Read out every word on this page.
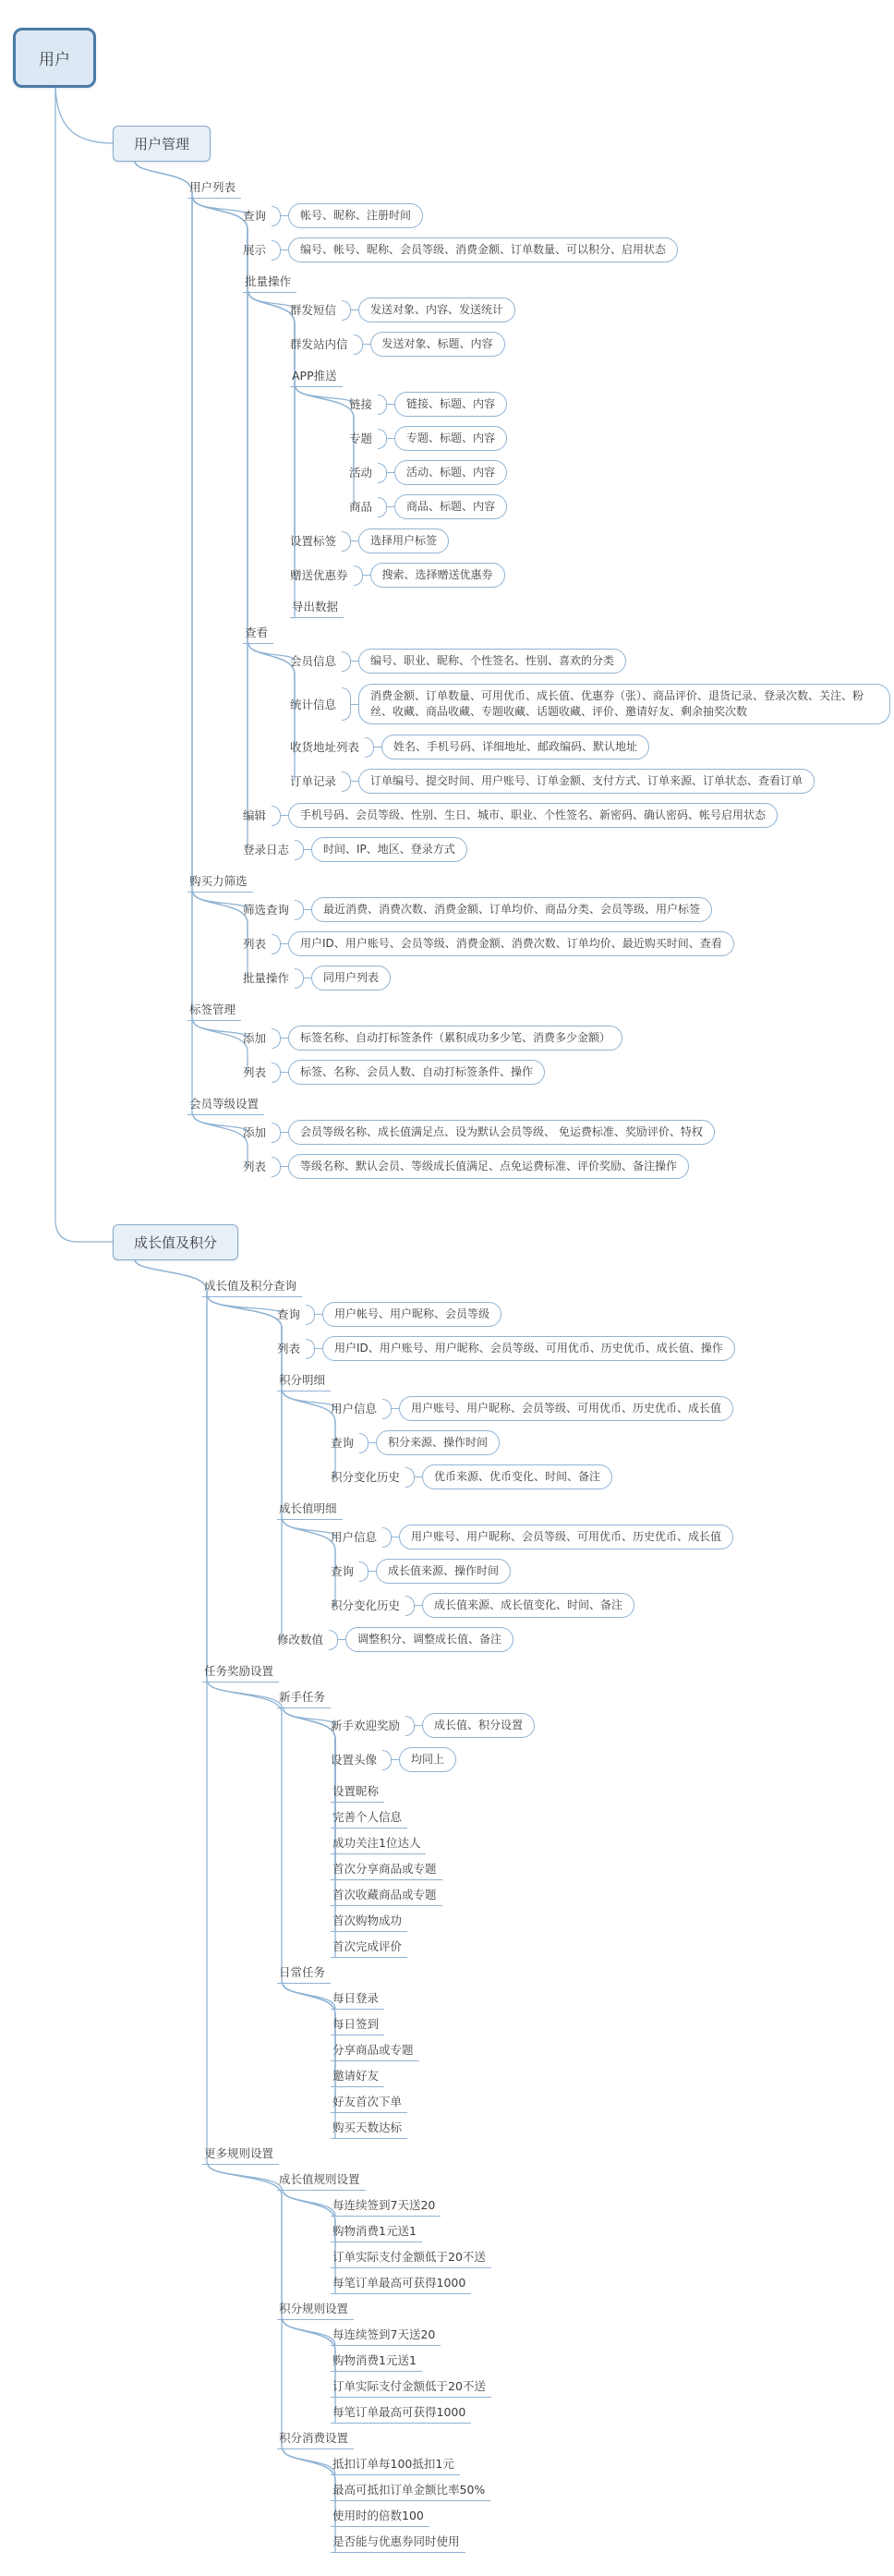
用户
用户管理
用户列表
查询	帐号、昵称、注册时间
展示	编号、帐号、昵称、会员等级、消费金额、订单数量、可以积分、启用状态
批量操作
群发短信	发送对象、内容、发送统计
群发站内信	发送对象、标题、内容
APP推送
链接	链接、标题、内容
专题	专题、标题、内容
活动	活动、标题、内容
商品	商品、标题、内容
设置标签	选择用户标签
赠送优惠券	搜索、选择赠送优惠券
导出数据
查看
会员信息	编号、职业、昵称、个性签名、性别、喜欢的分类
统计信息
消费金额、订单数量、可用优币、成长值、优惠券（张）、商品评价、退货记录、登录次数、关注、粉丝、收藏、商品收藏、专题收藏、话题收藏、评价、邀请好友、剩余抽奖次数
收货地址列表	姓名、手机号码、详细地址、邮政编码、默认地址
订单记录	订单编号、提交时间、用户账号、订单金额、支付方式、订单来源、订单状态、查看订单
编辑	手机号码、会员等级、性别、生日、城市、职业、个性签名、新密码、确认密码、帐号启用状态
登录日志	时间、IP、地区、登录方式
购买力筛选
筛选查询	最近消费、消费次数、消费金额、订单均价、商品分类、会员等级、用户标签
列表	用户ID、用户账号、会员等级、消费金额、消费次数、订单均价、最近购买时间、查看
批量操作	同用户列表
标签管理
添加	标签名称、自动打标签条件（累积成功多少笔、消费多少金额）
列表	标签、名称、会员人数、自动打标签条件、操作
会员等级设置
添加	会员等级名称、成长值满足点、设为默认会员等级、 免运费标准、奖励评价、特权
列表	等级名称、默认会员、等级成长值满足、点免运费标准、评价奖励、备注操作
成长值及积分
成长值及积分查询
查询	用户帐号、用户昵称、会员等级
列表	用户ID、用户账号、用户昵称、会员等级、可用优币、历史优币、成长值、操作
积分明细
用户信息	用户账号、用户昵称、会员等级、可用优币、历史优币、成长值
查询	积分来源、操作时间
积分变化历史	优币来源、优币变化、时间、备注
成长值明细
用户信息	用户账号、用户昵称、会员等级、可用优币、历史优币、成长值
查询	成长值来源、操作时间
积分变化历史	成长值来源、成长值变化、时间、备注
修改数值	调整积分、调整成长值、备注
任务奖励设置
新手任务
新手欢迎奖励	成长值、积分设置
设置头像	均同上
设置昵称
完善个人信息
成功关注1位达人
首次分享商品或专题
首次收藏商品或专题
首次购物成功
首次完成评价
日常任务
每日登录
每日签到
分享商品或专题
邀请好友
好友首次下单
购买天数达标
更多规则设置
成长值规则设置
每连续签到7天送20
购物消费1元送1
订单实际支付金额低于20不送
每笔订单最高可获得1000
积分规则设置
每连续签到7天送20
购物消费1元送1
订单实际支付金额低于20不送
每笔订单最高可获得1000
积分消费设置
抵扣订单每100抵扣1元
最高可抵扣订单金额比率50%
使用时的倍数100
是否能与优惠券同时使用
